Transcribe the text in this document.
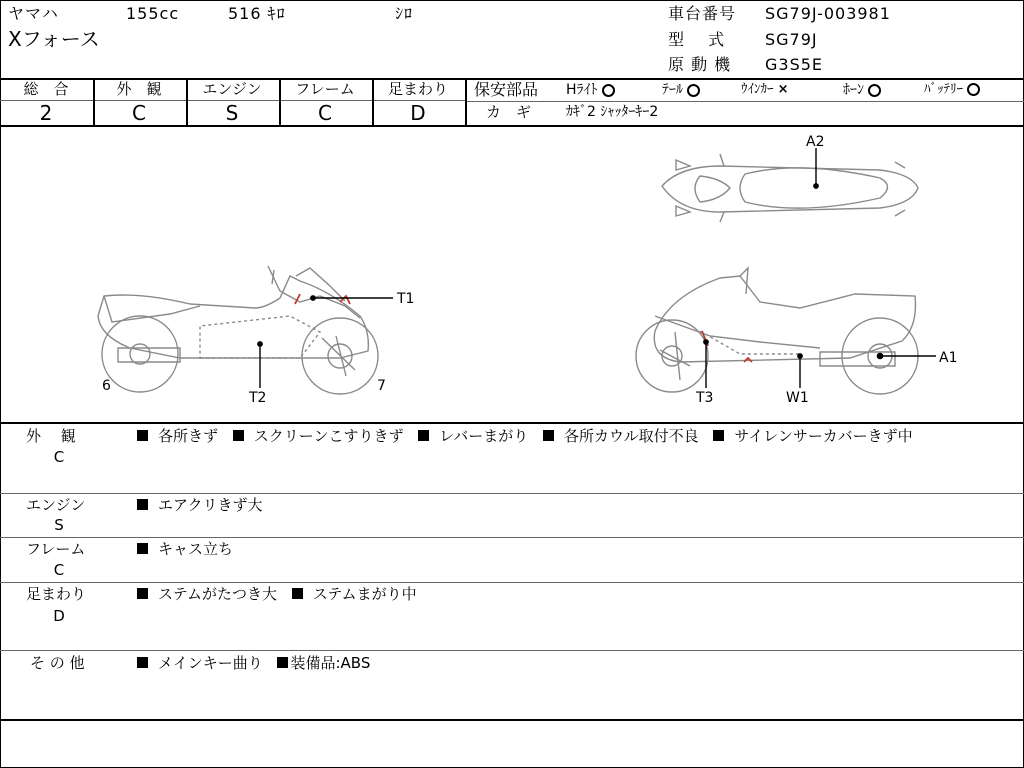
ヤマハ	155cc	516 ｷﾛ	ｼﾛ
Xフォース
車台番号 SG79J-003981
型　 式 SG79J
原 動 機 G3S5E
総　合
2
外　観
C
エンジン
S
フレーム
C
足まわり
D
保安部品 Hﾗｲﾄ	ﾃｰﾙ	ｳｲﾝｶｰ ×	ﾎｰﾝ	ﾊﾞｯﾃﾘｰ
カ　ギ ｶｷﾞ2 ｼｬｯﾀｰｷｰ2
A2
T1
T2
6	7
T3	W1
A1
外　 観
C
各所きず スクリーンこすりきず レバーまがり 各所カウル取付不良 サイレンサーカバーきず中
エンジン
S
エアクリきず大
フレーム
C
キャス立ち
足まわり
D
ステムがたつき大 ステムまがり中
そ の 他	メインキー曲り 装備品:ABS
